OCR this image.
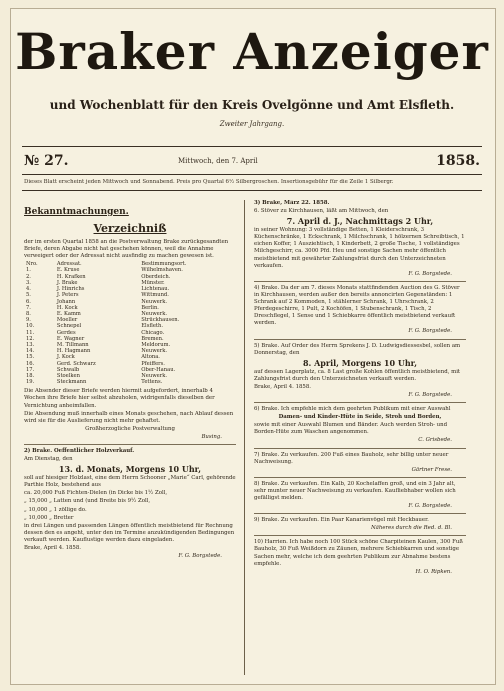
Braker Anzeiger
und Wochenblatt für den Kreis Ovelgönne und Amt Elsfleth.
Zweiter Jahrgang.
№ 27.	Mittwoch, den 7. April	1858.
Dieses Blatt erscheint jeden Mittwoch und Sonnabend. Preis pro Quartal 6½ Silbergroschen. Insertionsgebühr für die Zeile 1 Silbergr.
Bekanntmachungen.
Verzeichniß

der im ersten Quartal 1858 an die Postverwaltung Brake zurückgesandten Briefe, deren Abgabe nicht hat geschehen können, weil die Annahme verweigert oder der Adressat nicht ausfindig zu machen gewesen ist.

Nro.	Adressat.	Bestimmungsort.
1.	E. Kruse	Wilhelmshaven.
2.	H. Krafken	Oberdeich.
3.	J. Brake	Münster.
4.	J. Hinrichs	Lichtenau.
5.	J. Peters	Wittmund.
6.	Johann	Neuwerk.
7.	H. Kock	Berlin.
8.	E. Kamm	Neuwerk.
9.	Moeller	Strückhausen.
10.	Schnepel	Elsfleth.
11.	Gerdes	Chicago.
12.	E. Wagner	Bremen.
13.	M. Tillmann	Meldorum.
14.	H. Hagmann	Neuwerk.
15.	J. Kock	Altona.
16.	Gerd. Schwarz	Pfeiffers.
17.	Schwalb	Ober-Hanau.
18.	Stoelken	Neuwerk.
19.	Steckmann	Tettens.

Die Absender dieser Briefe werden hiermit aufgefordert, innerhalb 4 Wochen ihre Briefe hier selbst abzuholen, widrigenfalls dieselben der Vernichtung anheimfallen.

Die Absendung muß innerhalb eines Monats geschehen, nach Ablauf dessen wird sie für die Auslieferung nicht mehr gehaftet.

Großherzogliche Postverwaltung

Busing.

2) Brake. Oeffentlicher Holzverkauf.

Am Dienstag, den

13. d. Monats, Morgens 10 Uhr,

soll auf hiesiger Holzlast, eine dem Herrn Schooner „Marie“ Carl, gehörende Parthie Holz, bestehend aus

ca. 20,000 Fuß Fichten-Dielen (in Dicke bis 1½ Zoll,

„ 15,000 „ Latten und (und Breite bis 9½ Zoll,

„ 10,000 „ 1 zöllige do.

„ 10,000 „ Bretter

in drei Längen und passenden Längen öffentlich meistbietend für Rechnung dessen den es angeht, unter den im Termine anzukündigenden Bedingungen verkauft werden. Kauflustige werden dazu eingeladen.

Brake, April 4. 1858.

F. G. Borgstede.

3) Brake, März 22. 1858.

6. Stöver zu Kirchhausen, läßt am Mittwoch, den

7. April d. J., Nachmittags 2 Uhr,

in seiner Wohnung: 3 vollständige Betten, 1 Kleiderschrank, 3 Küchenschränke, 1 Eckschrank, 1 Milchschrank, 1 hölzernen Schreibtisch, 1 eichen Koffer, 1 Ausziehtisch, 1 Kinderbett, 2 große Tische, 1 vollständiges Milchgeschirr, ca. 3000 Pfd. Heu und sonstige Sachen mehr öffentlich meistbietend mit gewährter Zahlungsfrist durch den Unterzeichneten verkaufen.

F. G. Borgstede.

4) Brake. Da der am 7. dieses Monats stattfindenden Auction des G. Stöver in Kirchhausen, werden außer den bereits annoncirten Gegenständen: 1 Schrank auf 2 Kommoden, 1 stählerner Schrank, 1 Uhrschrank, 2 Pferdegeschirre, 1 Pult, 2 Kochöfen, 1 Stubenschrank, 1 Tisch, 2 Dreschflegel, 1 Sense und 1 Schiebkarre öffentlich meistbietend verkauft werden.

F. G. Borgstede.

5) Brake. Auf Order des Herrn Sprekens J. D. Ludwigsdiessesbel, sollen am Donnerstag, den

8. April, Morgens 10 Uhr,

auf dessen Lagerplatz, ca. 8 Last große Kohlen öffentlich meistbietend, mit Zahlungsfrist durch den Unterzeichneten verkauft werden.

Brake, April 4. 1858.

F. G. Borgstede.

6) Brake. Ich empfehle mich dem geehrten Publikum mit einer Auswahl

Damen- und Kinder-Hüte in Seide, Stroh und Borden,

sowie mit einer Auswahl Blumen und Bänder. Auch werden Stroh- und Borden-Hüte zum Waschen angenommen.

C. Grisbede.

7) Brake. Zu verkaufen. 200 Fuß eines Bauholz, sehr billig unter neuer Nachweisung.

Gärtner Frese.

8) Brake. Zu verkaufen. Ein Kalb, 20 Kochelaffen groß, und ein 3 Jahr alt, sehr munter neuer Nachweisung zu verkaufen. Kaufliebhaber wollen sich gefälligst melden.

F. G. Borgstede.

9) Brake. Zu verkaufen. Ein Paar Kanarienvögel mit Heckbauer.

Näheres durch die Red. d. Bl.

10) Harrien. Ich habe noch 100 Stück schöne Charpiteinen Kaulen, 300 Fuß Bauholz, 30 Fuß Weißdorn zu Zäunen, mehrere Schiebkarren und sonstige Sachen mehr, welche ich dem geehrten Publikum zur Abnahme bestens empfehle.

H. O. Ripken.
